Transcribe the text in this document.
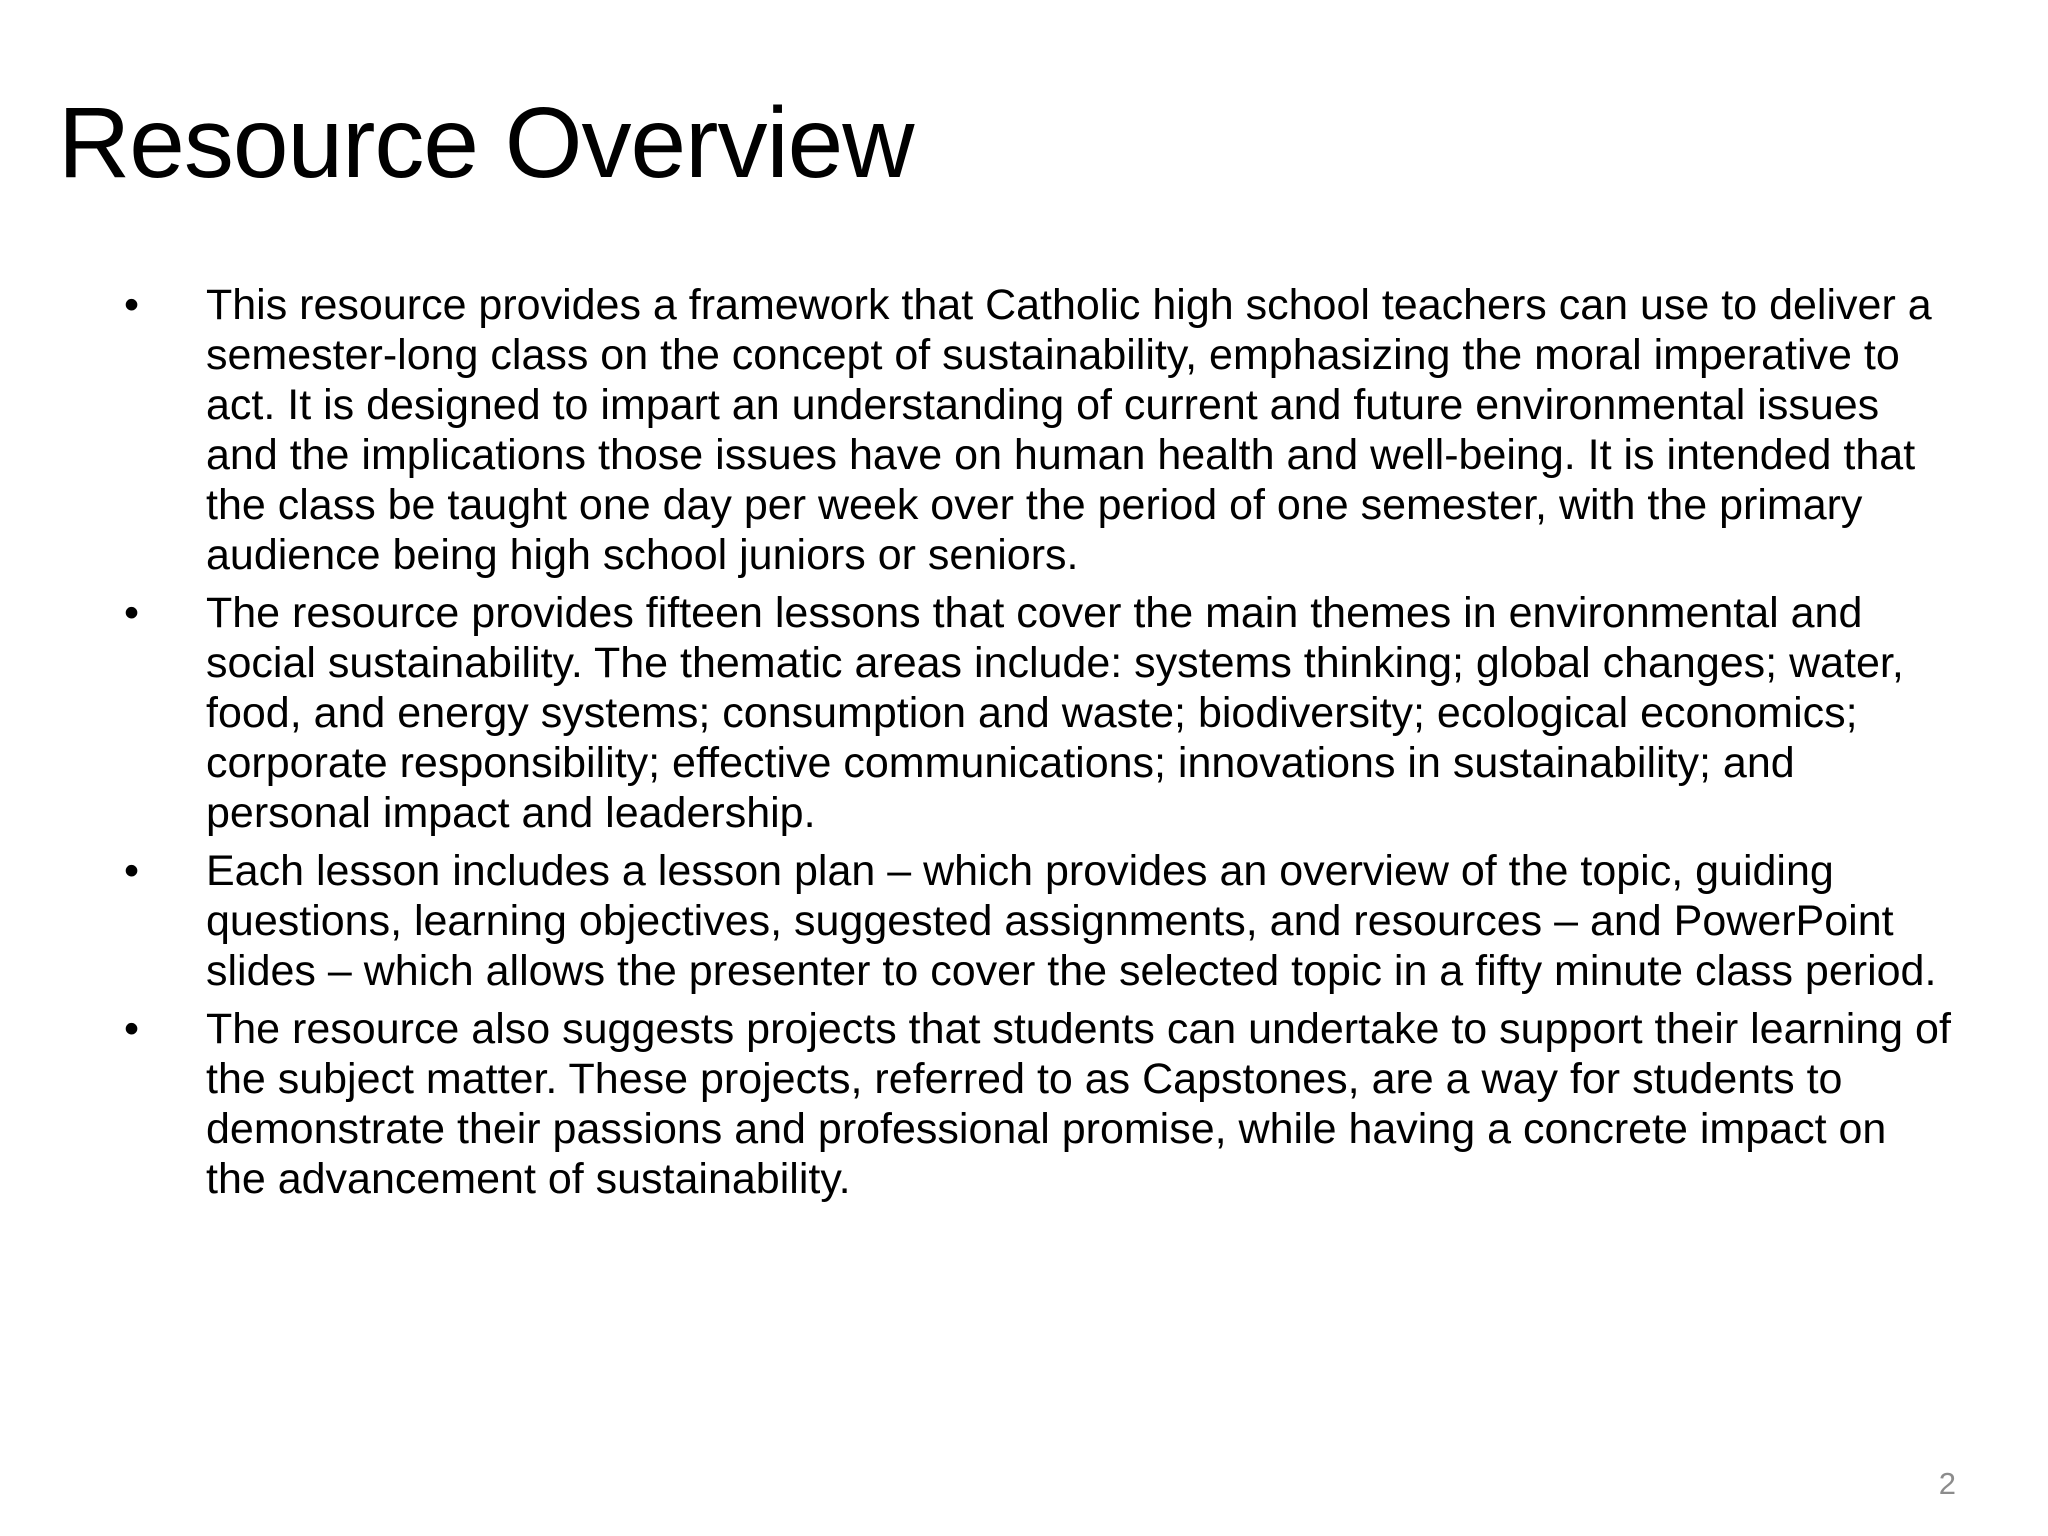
Resource Overview
• This resource provides a framework that Catholic high school teachers can use to deliver a semester-long class on the concept of sustainability, emphasizing the moral imperative to act. It is designed to impart an understanding of current and future environmental issues and the implications those issues have on human health and well-being. It is intended that the class be taught one day per week over the period of one semester, with the primary audience being high school juniors or seniors.
• The resource provides fifteen lessons that cover the main themes in environmental and social sustainability. The thematic areas include: systems thinking; global changes; water, food, and energy systems; consumption and waste; biodiversity; ecological economics; corporate responsibility; effective communications; innovations in sustainability; and personal impact and leadership.
• Each lesson includes a lesson plan – which provides an overview of the topic, guiding questions, learning objectives, suggested assignments, and resources – and PowerPoint slides – which allows the presenter to cover the selected topic in a fifty minute class period.
• The resource also suggests projects that students can undertake to support their learning of the subject matter. These projects, referred to as Capstones, are a way for students to demonstrate their passions and professional promise, while having a concrete impact on the advancement of sustainability.
2
